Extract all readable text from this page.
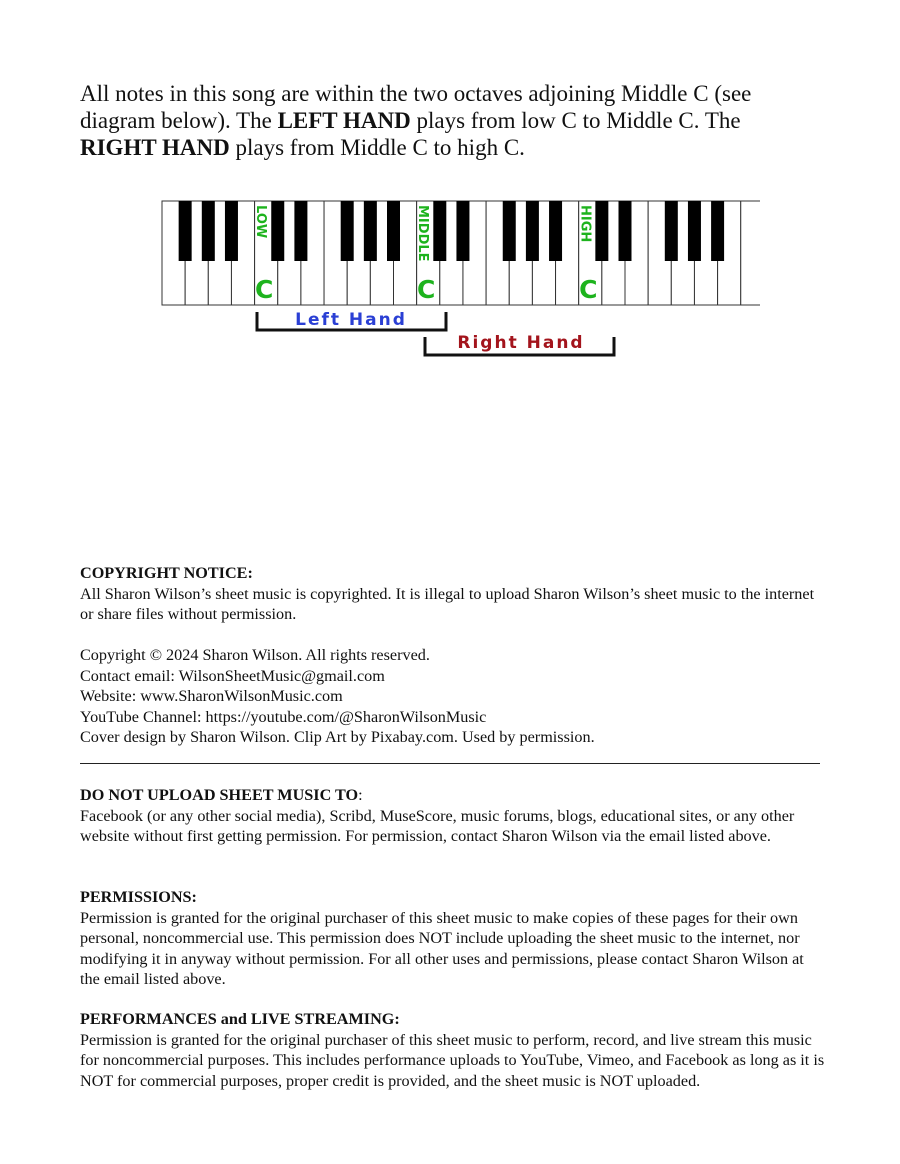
All notes in this song are within the two octaves adjoining Middle C (see diagram below). The LEFT HAND plays from low C to Middle C. The RIGHT HAND plays from Middle C to high C.
LOW
C
MIDDLE
C
HIGH
C
Left Hand
Right Hand

COPYRIGHT NOTICE:

All Sharon Wilson’s sheet music is copyrighted. It is illegal to upload Sharon Wilson’s sheet music to the internet or share files without permission.

Copyright © 2024 Sharon Wilson. All rights reserved.

Contact email: WilsonSheetMusic@gmail.com

Website: www.SharonWilsonMusic.com

YouTube Channel: https://youtube.com/@SharonWilsonMusic

Cover design by Sharon Wilson. Clip Art by Pixabay.com. Used by permission.

DO NOT UPLOAD SHEET MUSIC TO:

Facebook (or any other social media), Scribd, MuseScore, music forums, blogs, educational sites, or any other website without first getting permission. For permission, contact Sharon Wilson via the email listed above.

PERMISSIONS:

Permission is granted for the original purchaser of this sheet music to make copies of these pages for their own personal, noncommercial use. This permission does NOT include uploading the sheet music to the internet, nor modifying it in anyway without permission. For all other uses and permissions, please contact Sharon Wilson at the email listed above.

PERFORMANCES and LIVE STREAMING:

Permission is granted for the original purchaser of this sheet music to perform, record, and live stream this music for noncommercial purposes. This includes performance uploads to YouTube, Vimeo, and Facebook as long as it is NOT for commercial purposes, proper credit is provided, and the sheet music is NOT uploaded.
